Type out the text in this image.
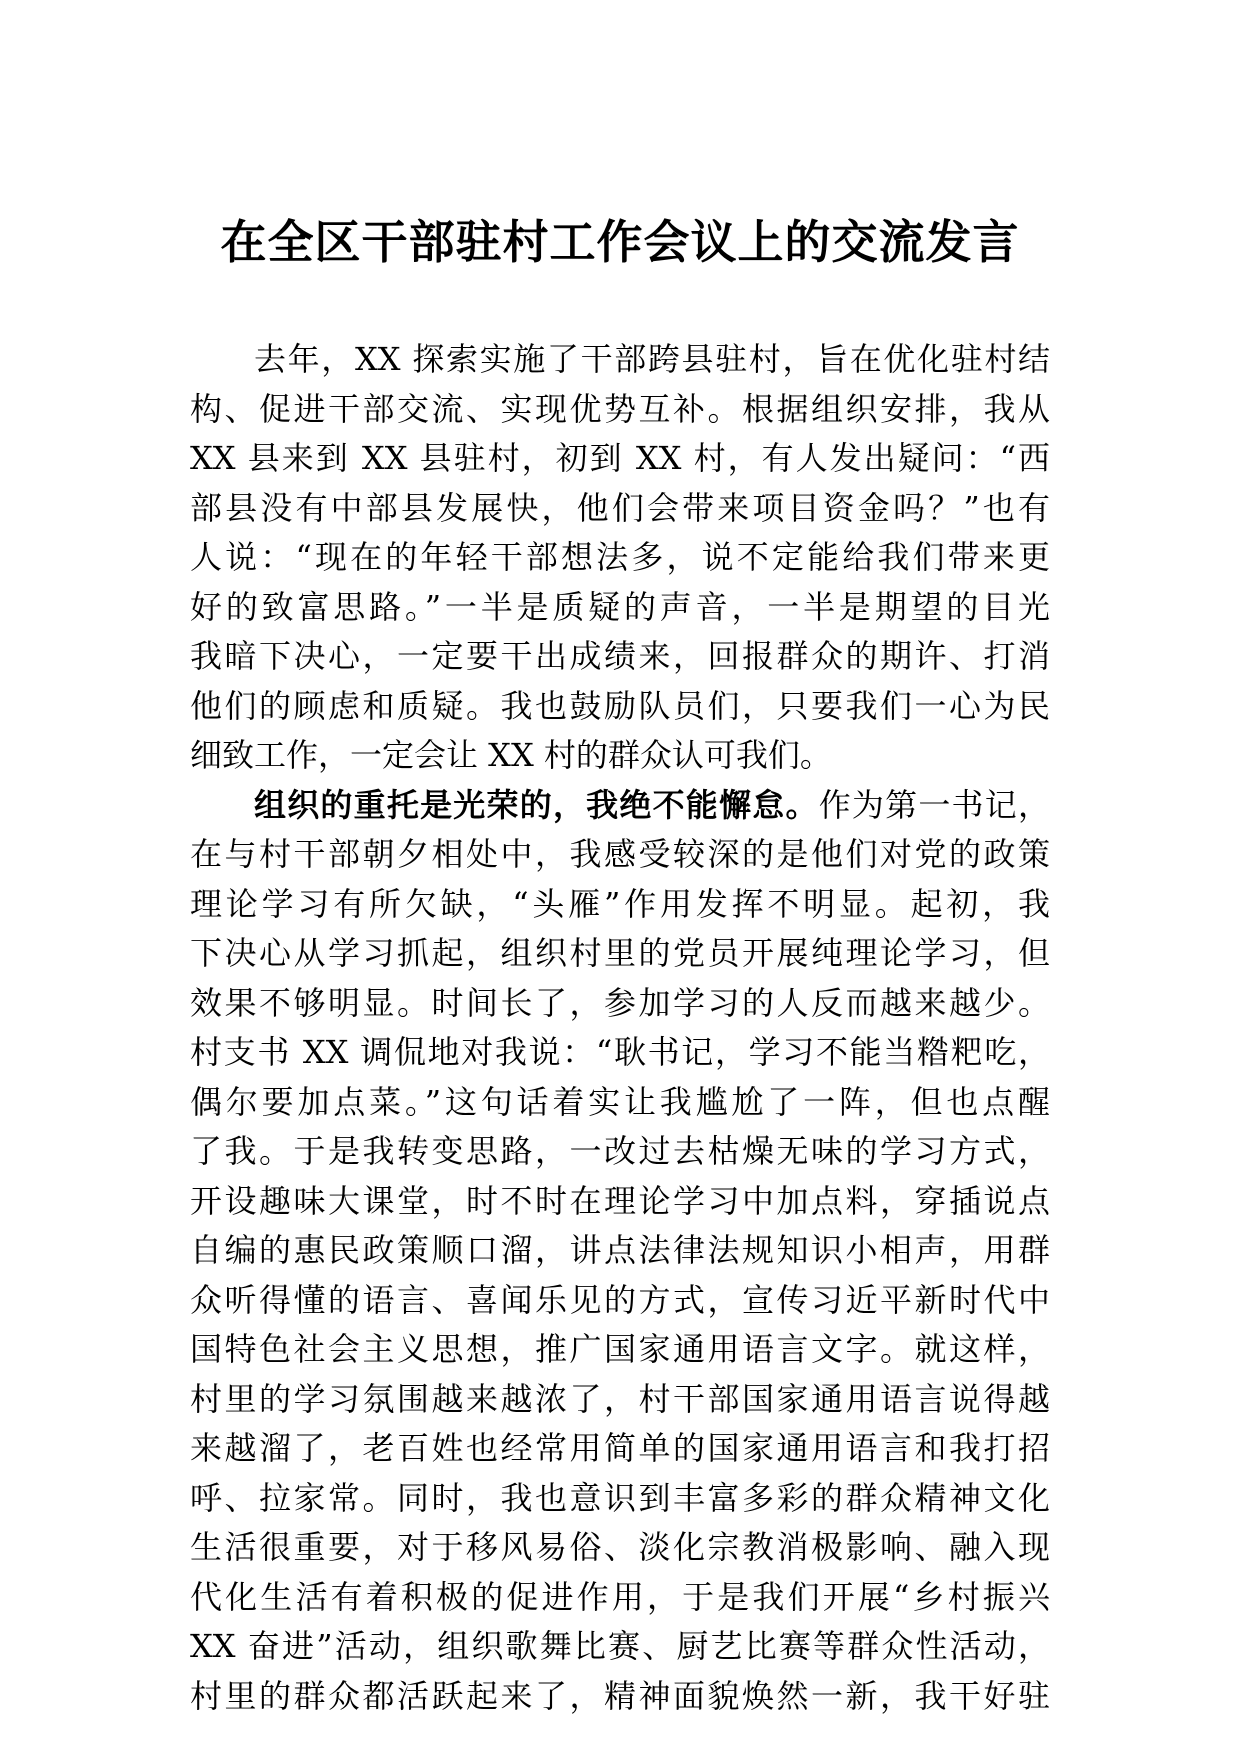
在全区干部驻村工作会议上的交流发言
去年，XX 探索实施了干部跨县驻村，旨在优化驻村结
构、促进干部交流、实现优势互补。根据组织安排，我从
XX 县来到 XX 县驻村，初到 XX 村，有人发出疑问：“西
部县没有中部县发展快，他们会带来项目资金吗？”也有
人说：“现在的年轻干部想法多，说不定能给我们带来更
好的致富思路。”一半是质疑的声音，一半是期望的目光
我暗下决心，一定要干出成绩来，回报群众的期许、打消
他们的顾虑和质疑。我也鼓励队员们，只要我们一心为民
细致工作，一定会让 XX 村的群众认可我们。
组织的重托是光荣的，我绝不能懈怠。作为第一书记，
在与村干部朝夕相处中，我感受较深的是他们对党的政策
理论学习有所欠缺，“头雁”作用发挥不明显。起初，我
下决心从学习抓起，组织村里的党员开展纯理论学习，但
效果不够明显。时间长了，参加学习的人反而越来越少。
村支书 XX 调侃地对我说：“耿书记，学习不能当糌粑吃，
偶尔要加点菜。”这句话着实让我尴尬了一阵，但也点醒
了我。于是我转变思路，一改过去枯燥无味的学习方式，
开设趣味大课堂，时不时在理论学习中加点料，穿插说点
自编的惠民政策顺口溜，讲点法律法规知识小相声，用群
众听得懂的语言、喜闻乐见的方式，宣传习近平新时代中
国特色社会主义思想，推广国家通用语言文字。就这样，
村里的学习氛围越来越浓了，村干部国家通用语言说得越
来越溜了，老百姓也经常用简单的国家通用语言和我打招
呼、拉家常。同时，我也意识到丰富多彩的群众精神文化
生活很重要，对于移风易俗、淡化宗教消极影响、融入现
代化生活有着积极的促进作用，于是我们开展“乡村振兴
XX 奋进”活动，组织歌舞比赛、厨艺比赛等群众性活动，
村里的群众都活跃起来了，精神面貌焕然一新，我干好驻
